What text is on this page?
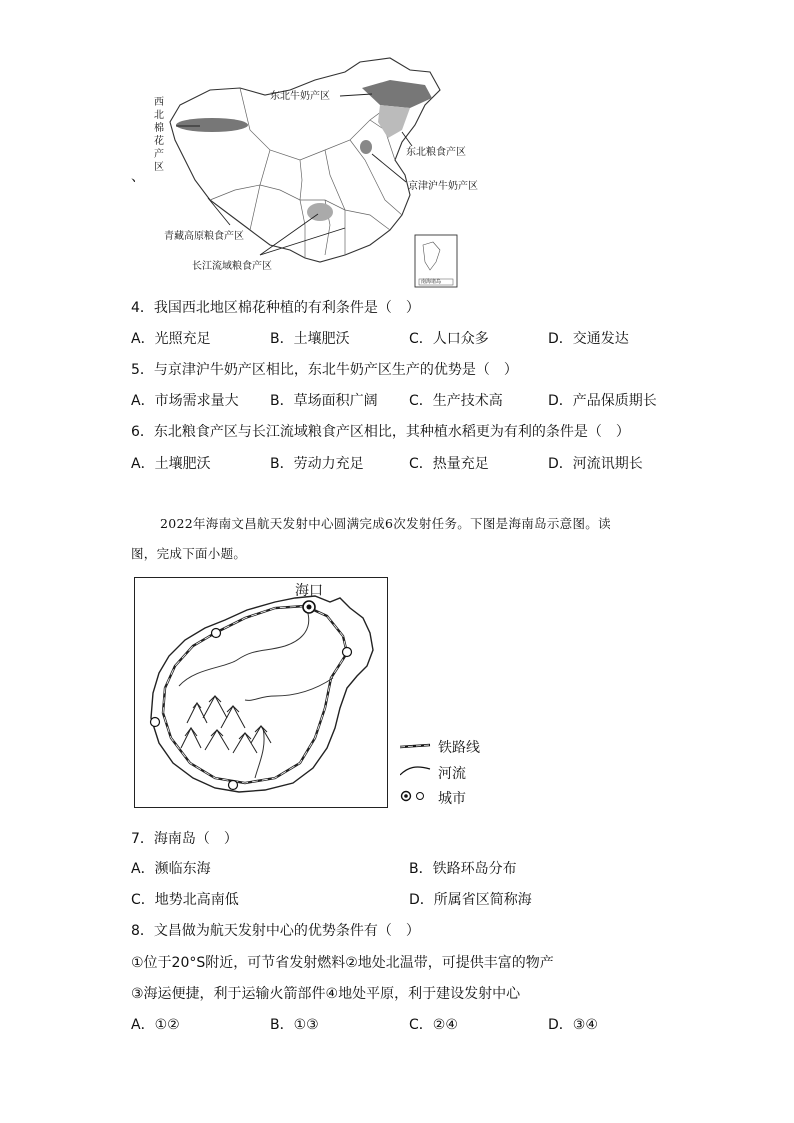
西北棉花产区
东北牛奶产区
东北粮食产区
京津沪牛奶产区
青藏高原粮食产区
长江流域粮食产区
南海诸岛
、
4．我国西北地区棉花种植的有利条件是（　）
A．光照充足	B．土壤肥沃	C．人口众多	D．交通发达
5．与京津沪牛奶产区相比，东北牛奶产区生产的优势是（　）
A．市场需求量大 B．草场面积广阔 C．生产技术高	D．产品保质期长
6．东北粮食产区与长江流域粮食产区相比，其种植水稻更为有利的条件是（　）
A．土壤肥沃	B．劳动力充足	C．热量充足	D．河流讯期长
2022年海南文昌航天发射中心圆满完成6次发射任务。下图是海南岛示意图。读
图，完成下面小题。
海口
铁路线
河流
城市
7．海南岛（　）
A．濒临东海	B．铁路环岛分布
C．地势北高南低	D．所属省区简称海
8．文昌做为航天发射中心的优势条件有（　）
①位于20°S附近，可节省发射燃料②地处北温带，可提供丰富的物产
③海运便捷，利于运输火箭部件④地处平原，利于建设发射中心
A．①②	B．①③	C．②④	D．③④
